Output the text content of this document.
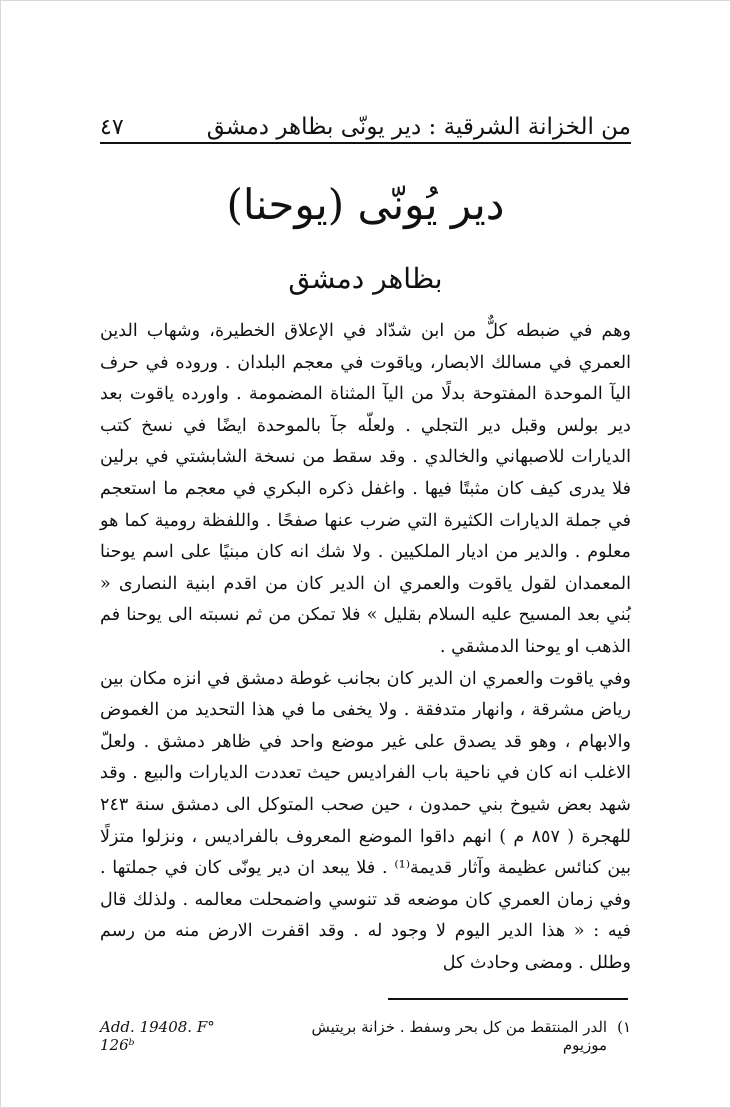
٤٧	من الخزانة الشرقية : دير يونّى بظاهر دمشق
دير يُونّى (يوحنا)
بظاهر دمشق

وهم في ضبطه كلٌّ من ابن شدّاد في الإعلاق الخطيرة، وشهاب الدين العمري في مسالك الابصار، وياقوت في معجم البلدان . وروده في حرف اليآ الموحدة المفتوحة بدلًا من اليآ المثناة المضمومة . واورده ياقوت بعد دير بولس وقبل دير التجلي . ولعلّه جآ بالموحدة ايضًا في نسخ كتب الديارات للاصبهاني والخالدي . وقد سقط من نسخة الشابشتي في برلين فلا يدرى كيف كان مثبتًا فيها . واغفل ذكره البكري في معجم ما استعجم في جملة الديارات الكثيرة التي ضرب عنها صفحًا . واللفظة رومية كما هو معلوم . والدير من اديار الملكيين . ولا شك انه كان مبنيًا على اسم يوحنا المعمدان لقول ياقوت والعمري ان الدير كان من اقدم ابنية النصارى « بُني بعد المسيح عليه السلام بقليل » فلا تمكن من ثم نسبته الى يوحنا فم الذهب او يوحنا الدمشقي .

وفي ياقوت والعمري ان الدير كان بجانب غوطة دمشق في انزه مكان بين رياض مشرقة ، وانهار متدفقة . ولا يخفى ما في هذا التحديد من الغموض والابهام ، وهو قد يصدق على غير موضع واحد في ظاهر دمشق . ولعلّ الاغلب انه كان في ناحية باب الفراديس حيث تعددت الديارات والبيع . وقد شهد بعض شيوخ بني حمدون ، حين صحب المتوكل الى دمشق سنة ٢٤٣ للهجرة ( ٨٥٧ م ) انهم داقوا الموضع المعروف بالفراديس ، ونزلوا متزلًا بين كنائس عظيمة وآثار قديمة⁽¹⁾ . فلا يبعد ان دير يونّى كان في جملتها . وفي زمان العمري كان موضعه قد تنوسي واضمحلت معالمه . ولذلك قال فيه : « هذا الدير اليوم لا وجود له . وقد اقفرت الارض منه من رسم وطلل . ومضى وحادث كل

١)
الدر المنتقط من كل بحر وسفط . خزانة بريتيش موزيوم
Add. 19408. F° 126ᵇ
